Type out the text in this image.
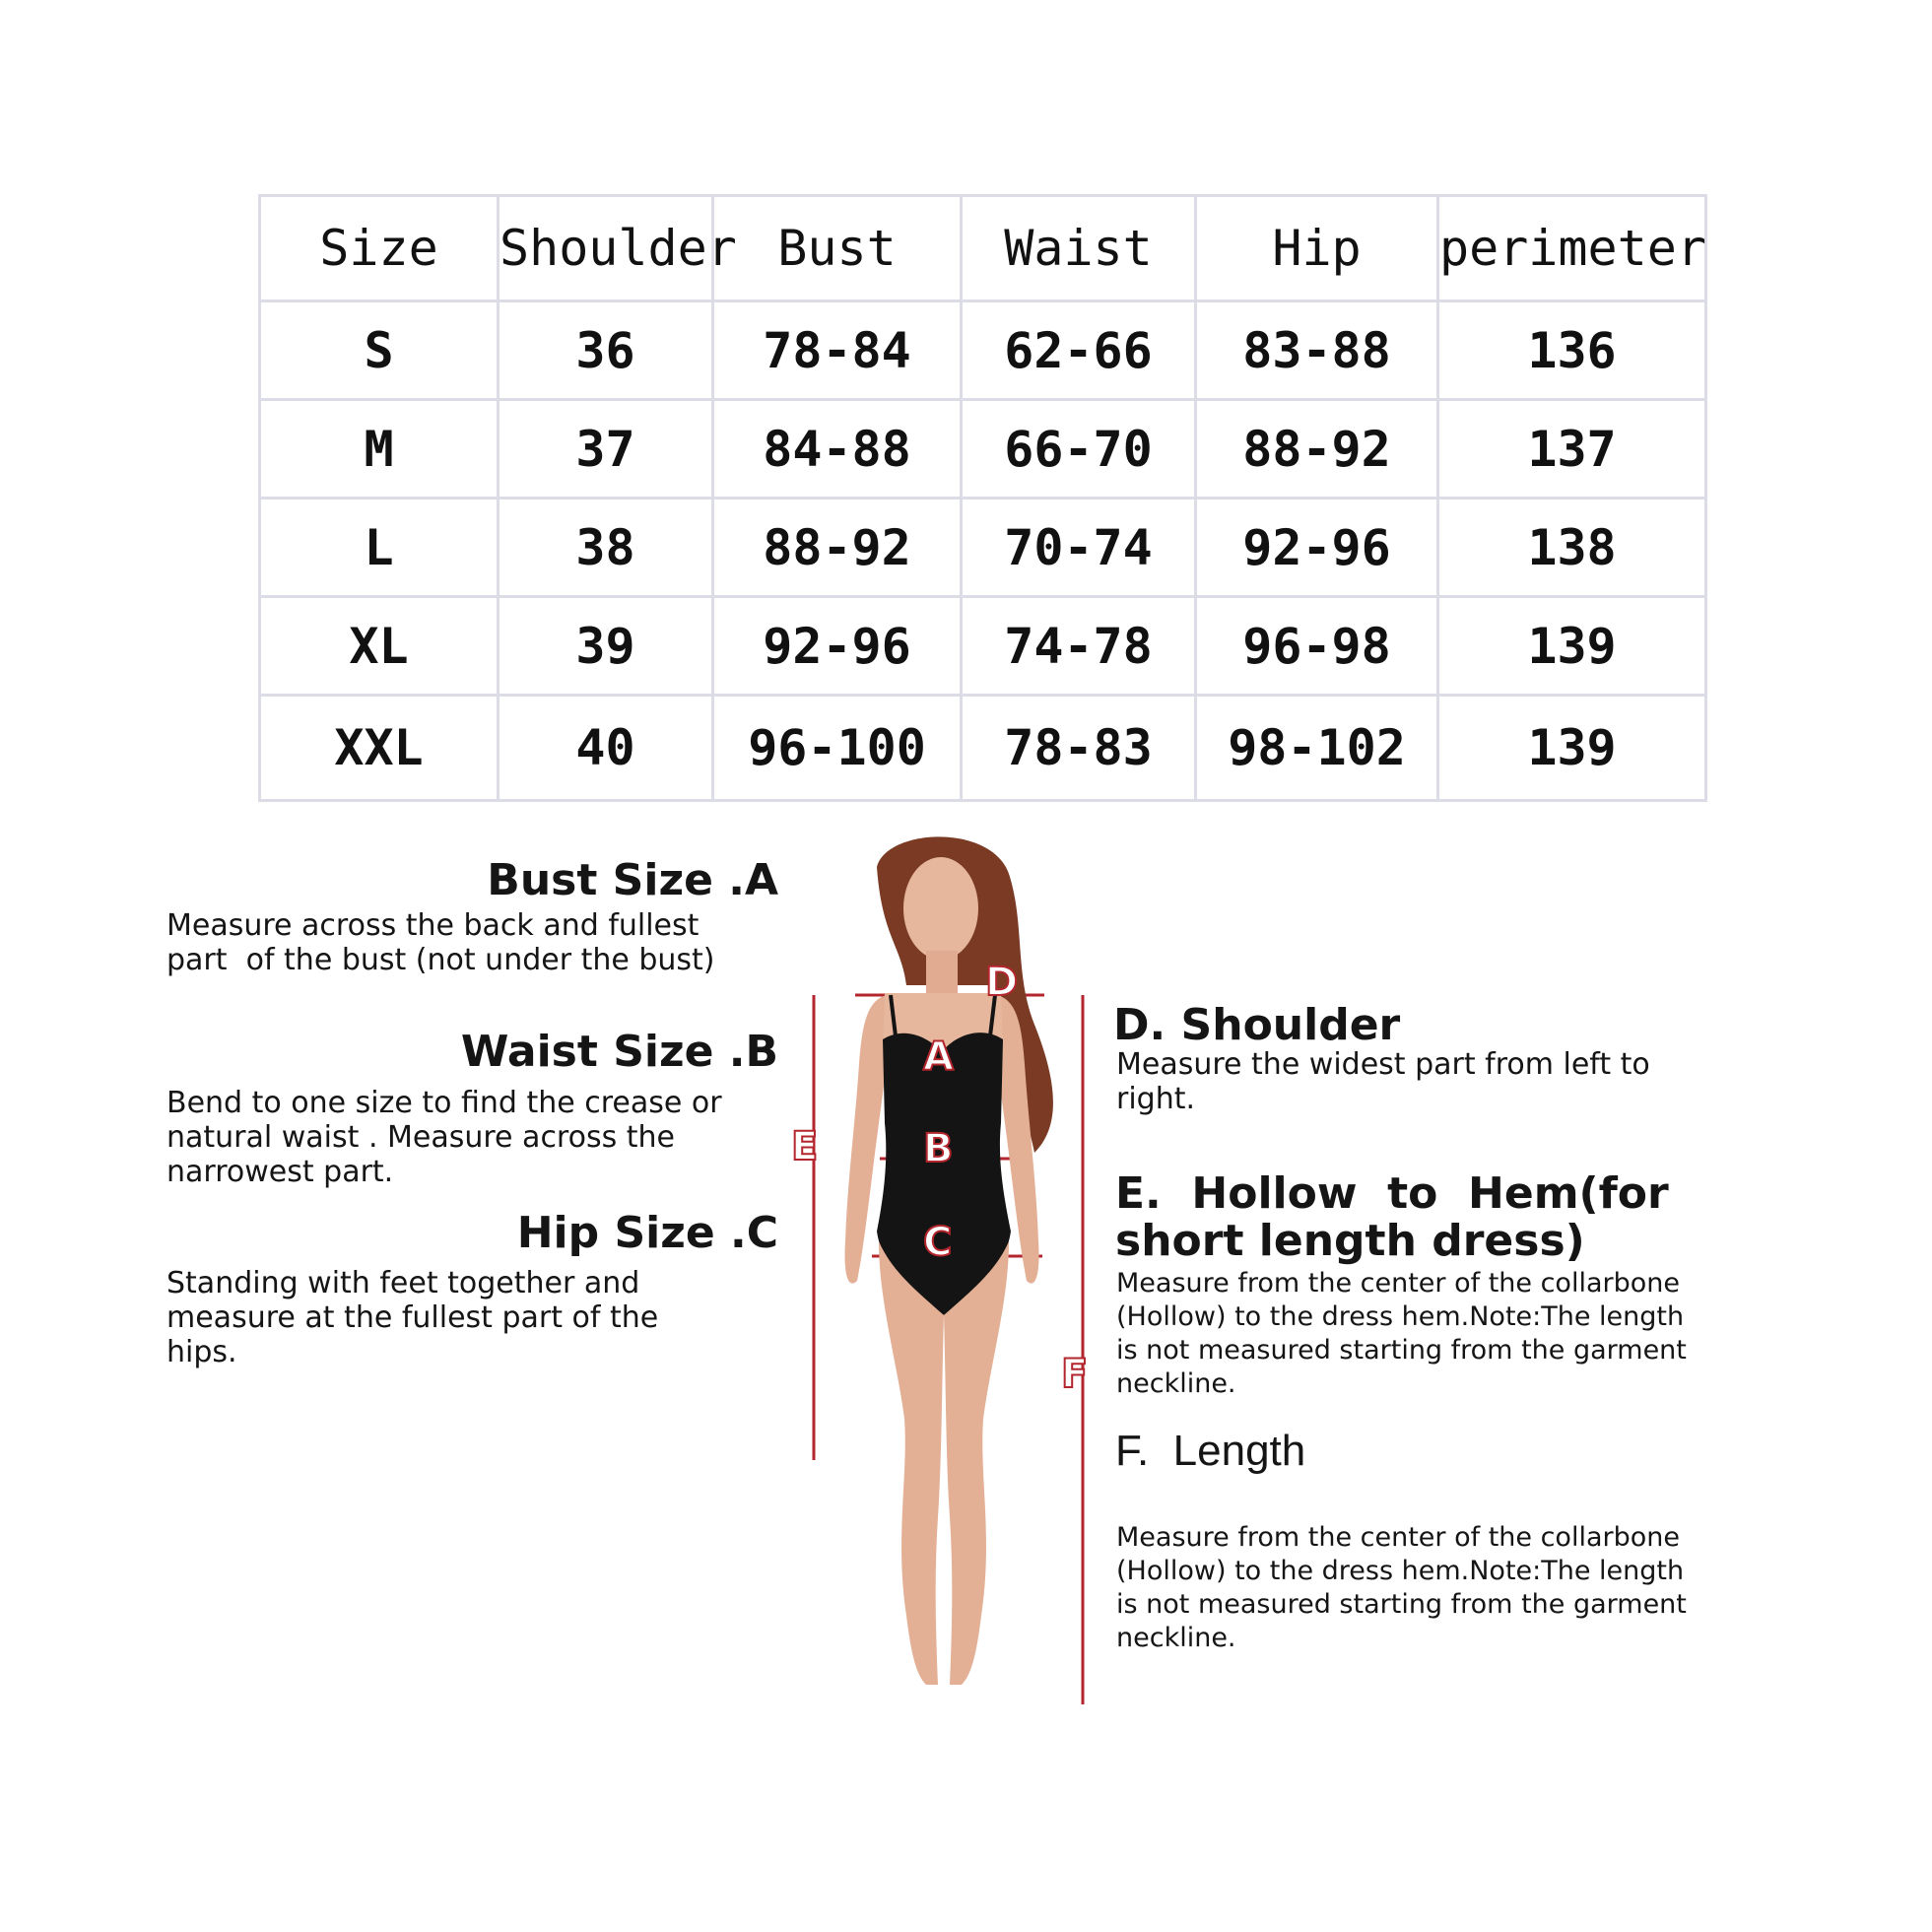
Size	Shoulder	Bust	Waist	Hip	perimeter
S	36	78-84	62-66	83-88	136
M	37	84-88	66-70	88-92	137
L	38	88-92	70-74	92-96	138
XL	39	92-96	74-78	96-98	139
XXL	40	96-100	78-83	98-102	139
D
A
B
C
E
F
Bust Size .A
Measure across the back and fullest
part  of the bust (not under the bust)
Waist Size .B
Bend to one size to find the crease or
natural waist . Measure across the
narrowest part.
Hip Size .C
Standing with feet together and
measure at the fullest part of the
hips.
D. Shoulder
Measure the widest part from left to
right.
E.  Hollow  to  Hem(for
short length dress)
Measure from the center of the collarbone
(Hollow) to the dress hem.Note:The length
is not measured starting from the garment
neckline.
F.  Length
Measure from the center of the collarbone
(Hollow) to the dress hem.Note:The length
is not measured starting from the garment
neckline.
